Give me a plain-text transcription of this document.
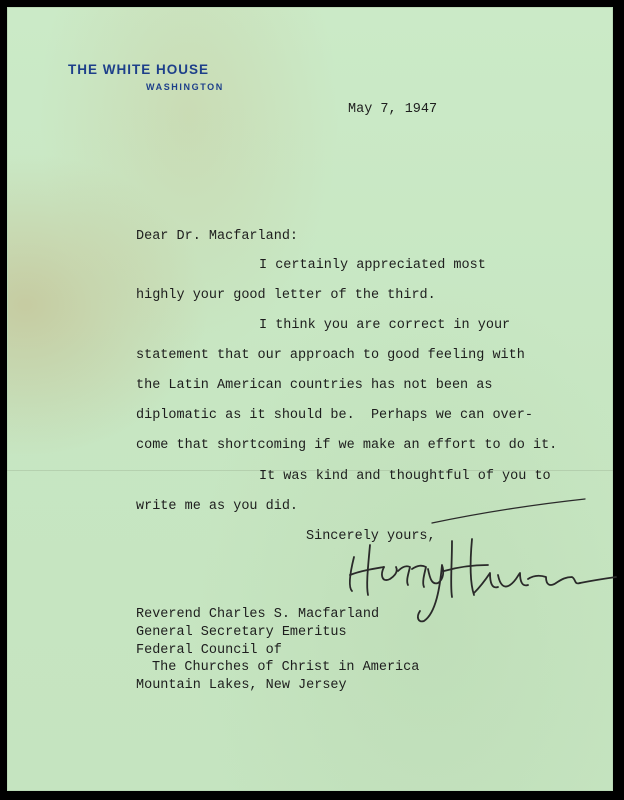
THE WHITE HOUSE
WASHINGTON
May 7, 1947
Dear Dr. Macfarland:
I certainly appreciated most
highly your good letter of the third.
I think you are correct in your
statement that our approach to good feeling with
the Latin American countries has not been as
diplomatic as it should be.  Perhaps we can over-
come that shortcoming if we make an effort to do it.
It was kind and thoughtful of you to
write me as you did.
Sincerely yours,
Reverend Charles S. Macfarland
General Secretary Emeritus
Federal Council of
The Churches of Christ in America
Mountain Lakes, New Jersey
